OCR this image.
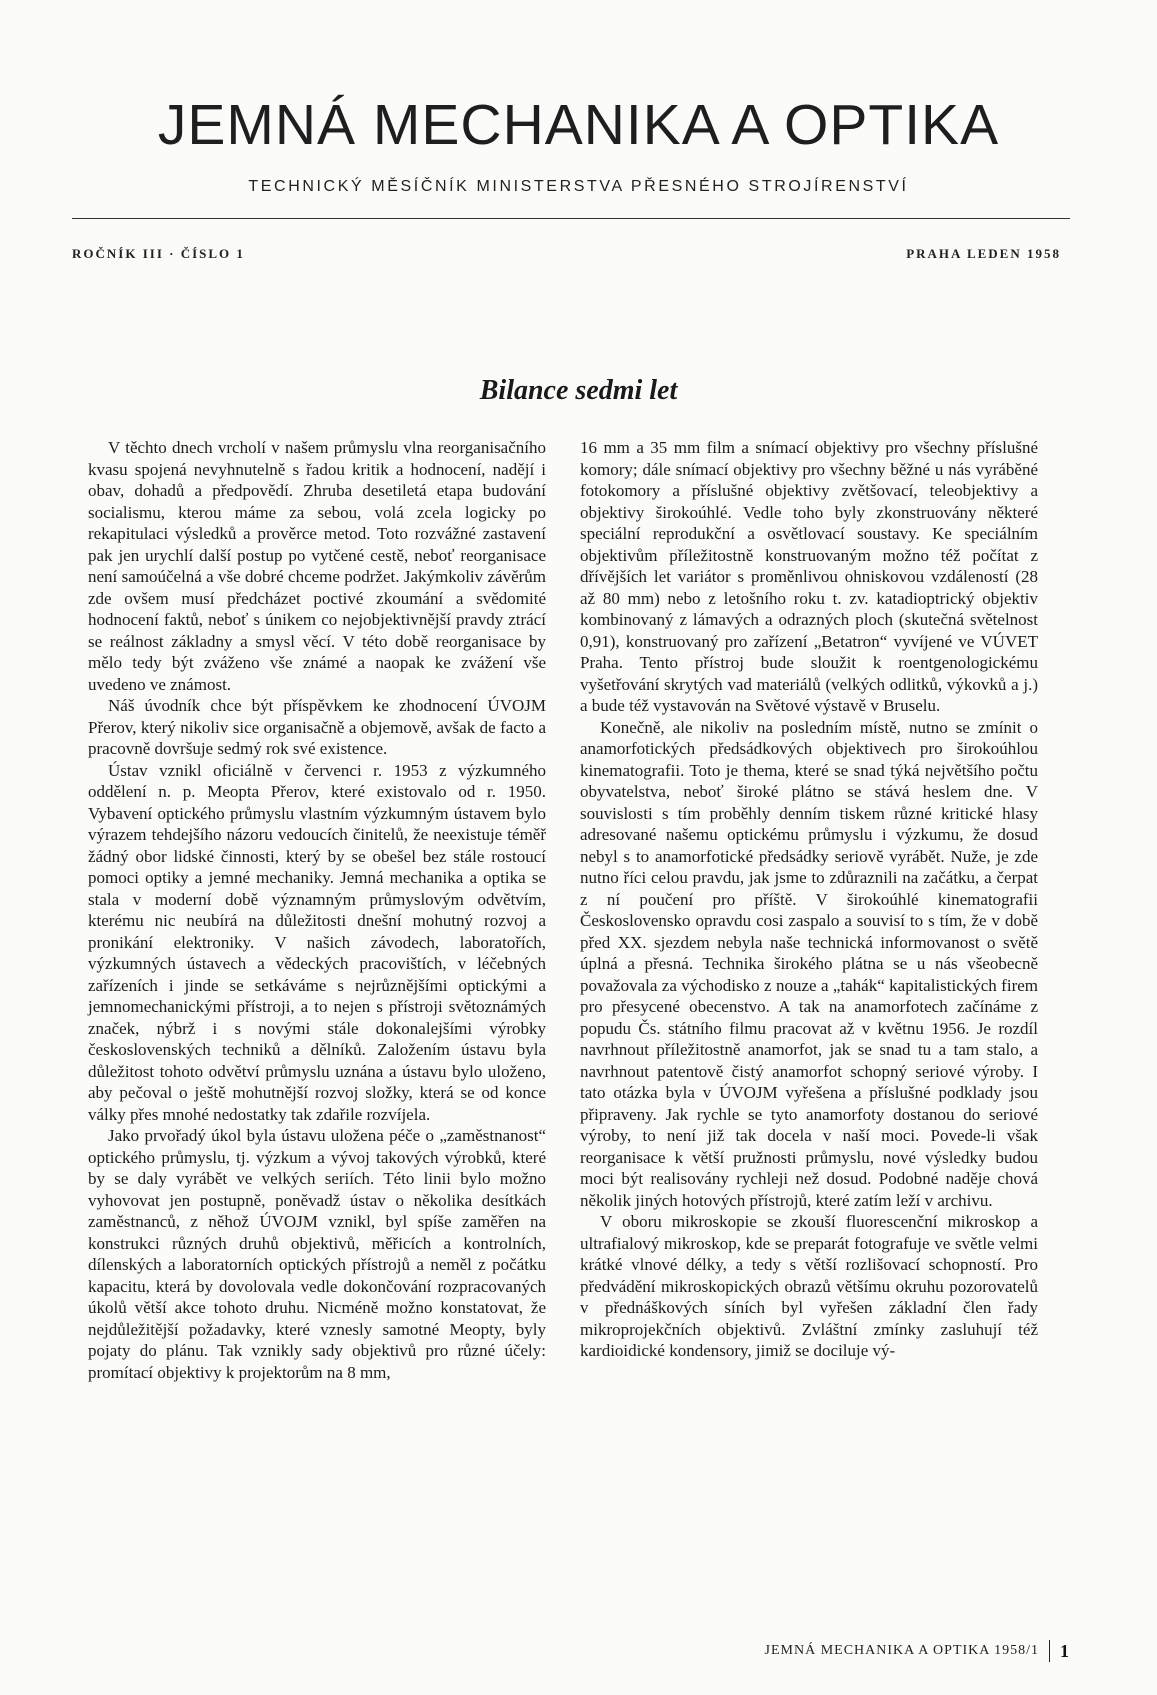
JEMNÁ MECHANIKA A OPTIKA
TECHNICKÝ MĚSÍČNÍK MINISTERSTVA PŘESNÉHO STROJÍRENSTVÍ
ROČNÍK III · ČÍSLO 1	PRAHA LEDEN 1958
Bilance sedmi let

V těchto dnech vrcholí v našem průmyslu vlna reorganisačního kvasu spojená nevyhnutelně s řadou kritik a hodnocení, nadějí i obav, dohadů a předpovědí. Zhruba desetiletá etapa budování socialismu, kterou máme za sebou, volá zcela logicky po rekapitulaci výsledků a prověrce metod. Toto rozvážné zastavení pak jen urychlí další postup po vytčené cestě, neboť reorganisace není samoúčelná a vše dobré chceme podržet. Jakýmkoliv závěrům zde ovšem musí předcházet poctivé zkoumání a svědomité hodnocení faktů, neboť s únikem co nejobjektivnější pravdy ztrácí se reálnost základny a smysl věcí. V této době reorganisace by mělo tedy být zváženo vše známé a naopak ke zvážení vše uvedeno ve známost.

Náš úvodník chce být příspěvkem ke zhodnocení ÚVOJM Přerov, který nikoliv sice organisačně a objemově, avšak de facto a pracovně dovršuje sedmý rok své existence.

Ústav vznikl oficiálně v červenci r. 1953 z výzkumného oddělení n. p. Meopta Přerov, které existovalo od r. 1950. Vybavení optického průmyslu vlastním výzkumným ústavem bylo výrazem tehdejšího názoru vedoucích činitelů, že neexistuje téměř žádný obor lidské činnosti, který by se obešel bez stále rostoucí pomoci optiky a jemné mechaniky. Jemná mechanika a optika se stala v moderní době významným průmyslovým odvětvím, kterému nic neubírá na důležitosti dnešní mohutný rozvoj a pronikání elektroniky. V našich závodech, laboratořích, výzkumných ústavech a vědeckých pracovištích, v léčebných zařízeních i jinde se setkáváme s nejrůznějšími optickými a jemnomechanickými přístroji, a to nejen s přístroji světoznámých značek, nýbrž i s novými stále dokonalejšími výrobky československých techniků a dělníků. Založením ústavu byla důležitost tohoto odvětví průmyslu uznána a ústavu bylo uloženo, aby pečoval o ještě mohutnější rozvoj složky, která se od konce války přes mnohé nedostatky tak zdařile rozvíjela.

Jako prvořadý úkol byla ústavu uložena péče o „zaměstnanost“ optického průmyslu, tj. výzkum a vývoj takových výrobků, které by se daly vyrábět ve velkých seriích. Této linii bylo možno vyhovovat jen postupně, poněvadž ústav o několika desítkách zaměstnanců, z něhož ÚVOJM vznikl, byl spíše zaměřen na konstrukci různých druhů objektivů, měřicích a kontrolních, dílenských a laboratorních optických přístrojů a neměl z počátku kapacitu, která by dovolovala vedle dokončování rozpracovaných úkolů větší akce tohoto druhu. Nicméně možno konstatovat, že nejdůležitější požadavky, které vznesly samotné Meopty, byly pojaty do plánu. Tak vznikly sady objektivů pro různé účely: promítací objektivy k projektorům na 8 mm,

16 mm a 35 mm film a snímací objektivy pro všechny příslušné komory; dále snímací objektivy pro všechny běžné u nás vyráběné fotokomory a příslušné objektivy zvětšovací, teleobjektivy a objektivy širokoúhlé. Vedle toho byly zkonstruovány některé speciální reprodukční a osvětlovací soustavy. Ke speciálním objektivům příležitostně konstruovaným možno též počítat z dřívějších let variátor s proměnlivou ohniskovou vzdáleností (28 až 80 mm) nebo z letošního roku t. zv. katadioptrický objektiv kombinovaný z lámavých a odrazných ploch (skutečná světelnost 0,91), konstruovaný pro zařízení „Betatron“ vyvíjené ve VÚVET Praha. Tento přístroj bude sloužit k roentgenologickému vyšetřování skrytých vad materiálů (velkých odlitků, výkovků a j.) a bude též vystavován na Světové výstavě v Bruselu.

Konečně, ale nikoliv na posledním místě, nutno se zmínit o anamorfotických předsádkových objektivech pro širokoúhlou kinematografii. Toto je thema, které se snad týká největšího počtu obyvatelstva, neboť široké plátno se stává heslem dne. V souvislosti s tím proběhly denním tiskem různé kritické hlasy adresované našemu optickému průmyslu i výzkumu, že dosud nebyl s to anamorfotické předsádky seriově vyrábět. Nuže, je zde nutno říci celou pravdu, jak jsme to zdůraznili na začátku, a čerpat z ní poučení pro příště. V širokoúhlé kinematografii Československo opravdu cosi zaspalo a souvisí to s tím, že v době před XX. sjezdem nebyla naše technická informovanost o světě úplná a přesná. Technika širokého plátna se u nás všeobecně považovala za východisko z nouze a „tahák“ kapitalistických firem pro přesycené obecenstvo. A tak na anamorfotech začínáme z popudu Čs. státního filmu pracovat až v květnu 1956. Je rozdíl navrhnout příležitostně anamorfot, jak se snad tu a tam stalo, a navrhnout patentově čistý anamorfot schopný seriové výroby. I tato otázka byla v ÚVOJM vyřešena a příslušné podklady jsou připraveny. Jak rychle se tyto anamorfoty dostanou do seriové výroby, to není již tak docela v naší moci. Povede-li však reorganisace k větší pružnosti průmyslu, nové výsledky budou moci být realisovány rychleji než dosud. Podobné naděje chová několik jiných hotových přístrojů, které zatím leží v archivu.

V oboru mikroskopie se zkouší fluorescenční mikroskop a ultrafialový mikroskop, kde se preparát fotografuje ve světle velmi krátké vlnové délky, a tedy s větší rozlišovací schopností. Pro předvádění mikroskopických obrazů většímu okruhu pozorovatelů v přednáškových síních byl vyřešen základní člen řady mikroprojekčních objektivů. Zvláštní zmínky zasluhují též kardioidické kondensory, jimiž se dociluje vý-

JEMNÁ MECHANIKA A OPTIKA 1958/1 1
